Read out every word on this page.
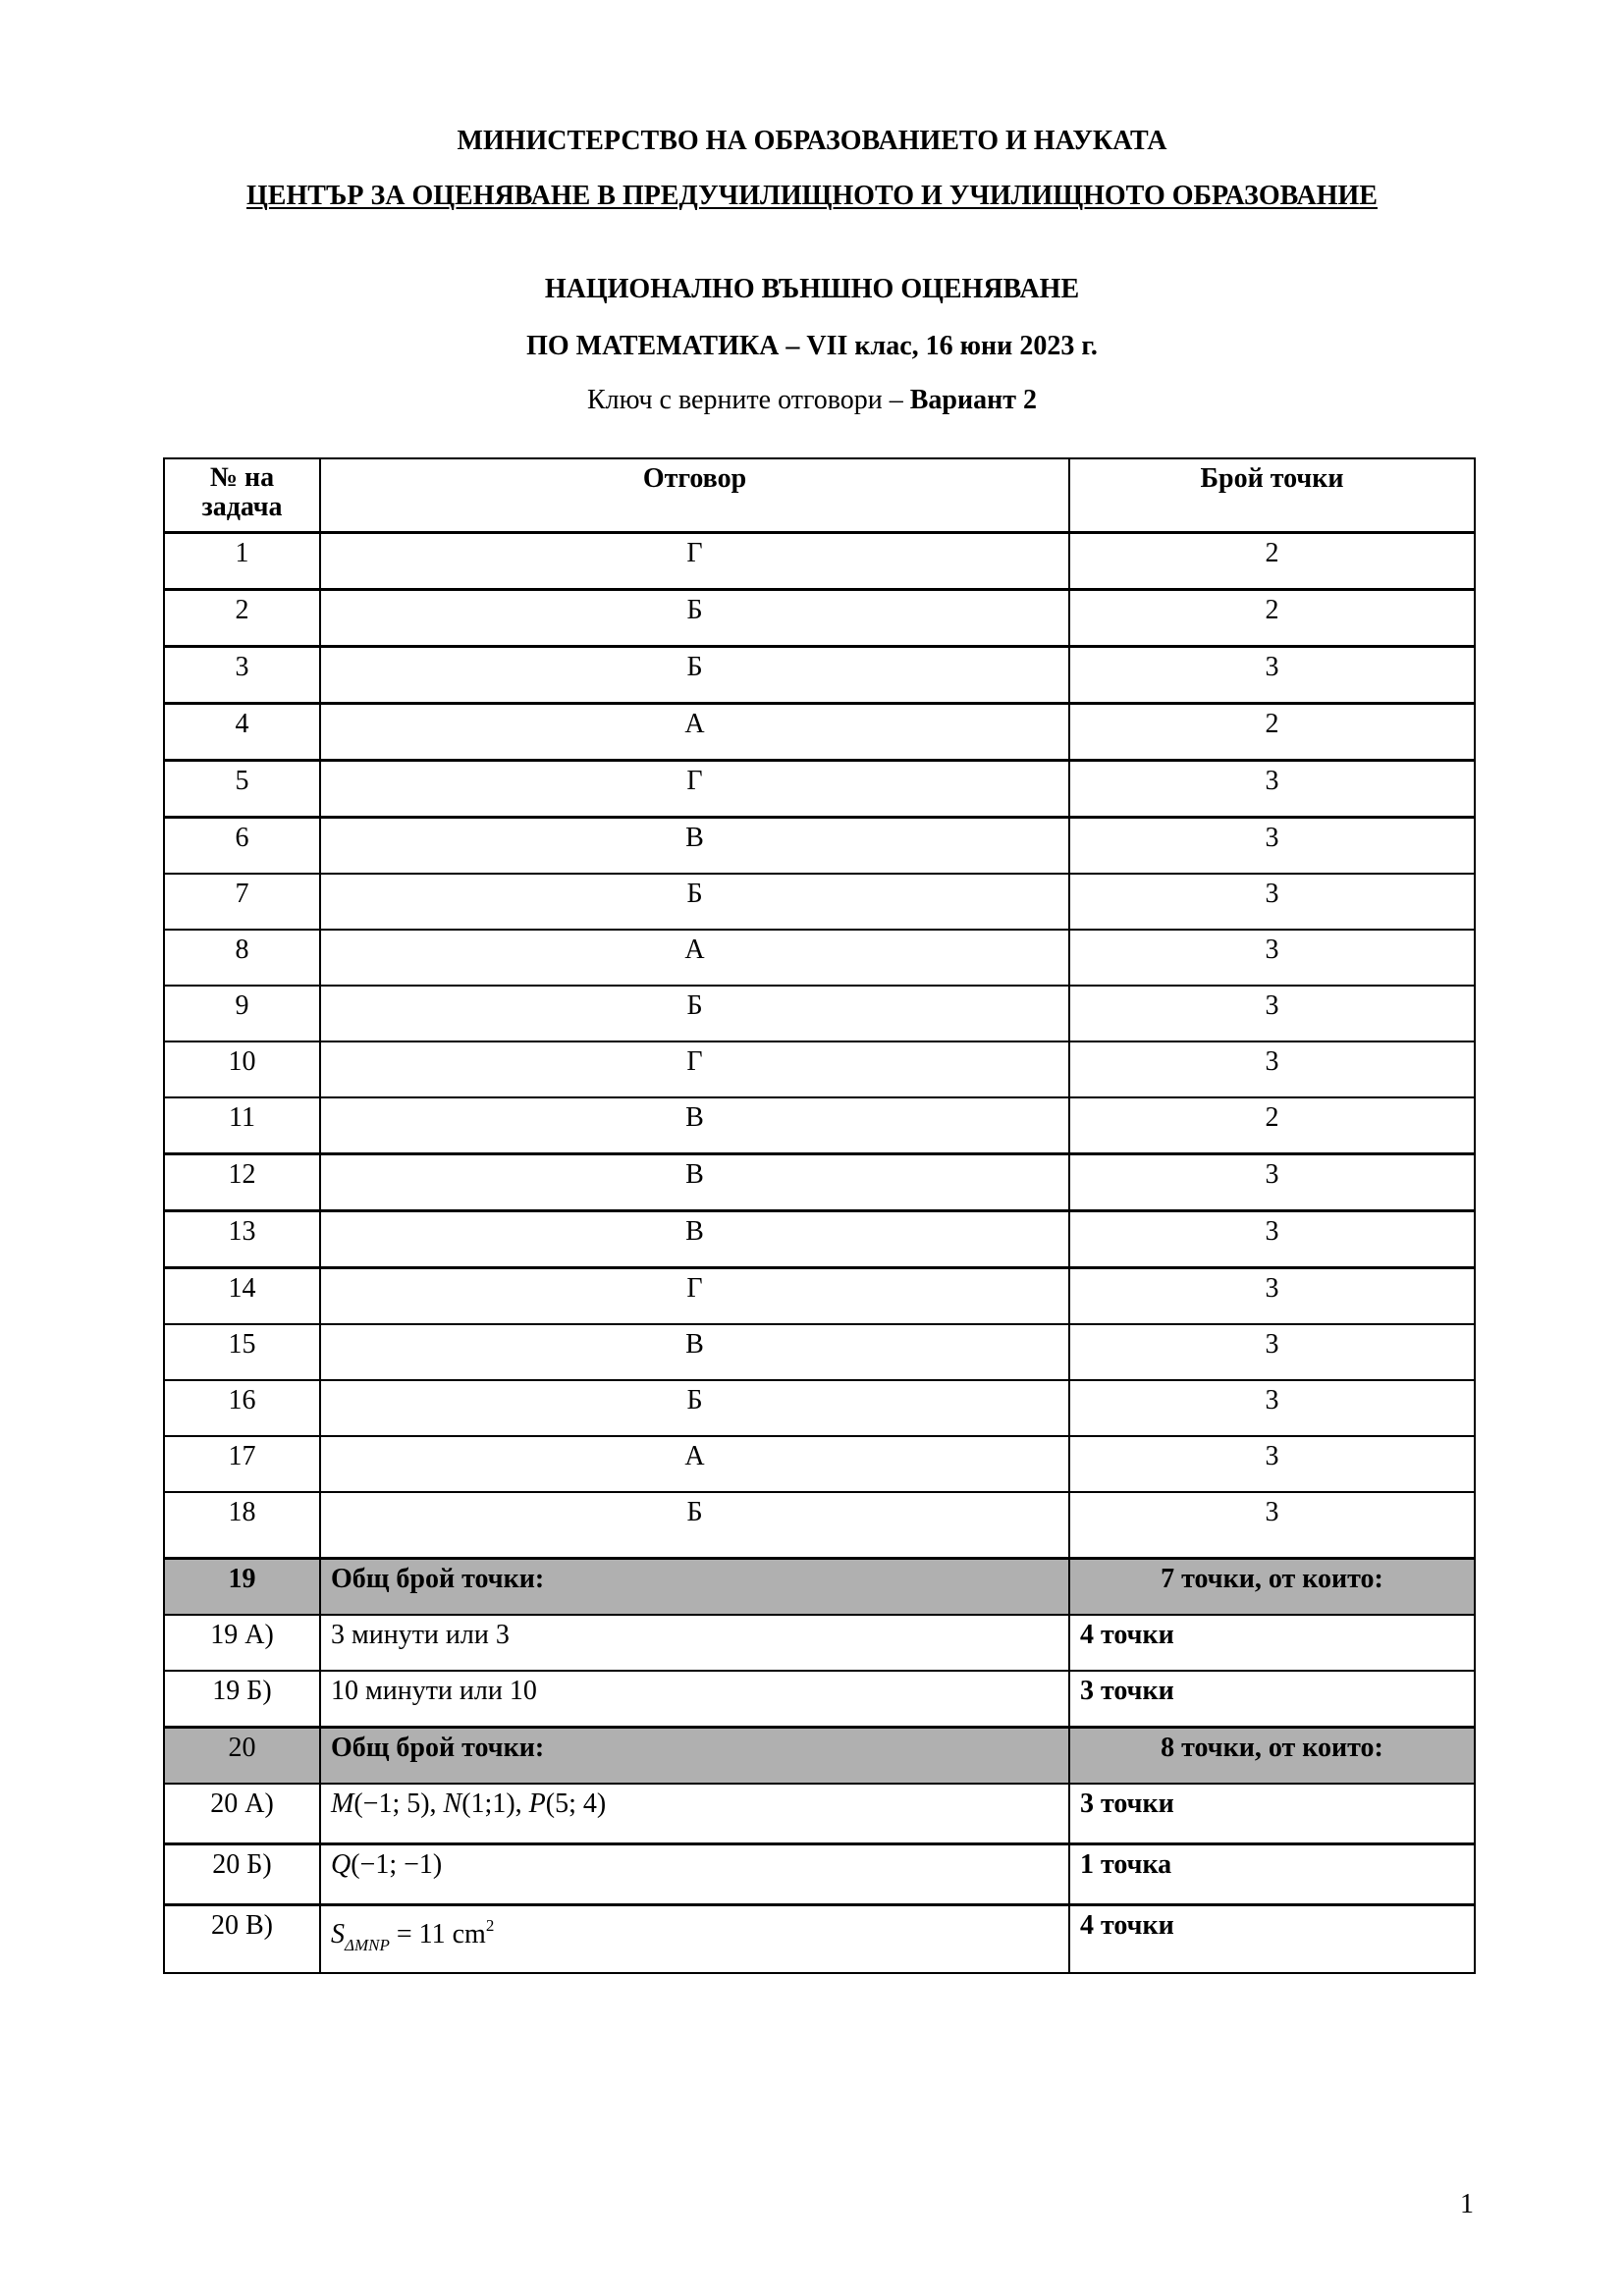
МИНИСТЕРСТВО НА ОБРАЗОВАНИЕТО И НАУКАТА
ЦЕНТЪР ЗА ОЦЕНЯВАНЕ В ПРЕДУЧИЛИЩНОТО И УЧИЛИЩНОТО ОБРАЗОВАНИЕ
НАЦИОНАЛНО ВЪНШНО ОЦЕНЯВАНЕ
ПО МАТЕМАТИКА – VII клас, 16 юни 2023 г.
Ключ с верните отговори – Вариант 2
№ на
задача	Отговор	Брой точки
1	Г	2
2	Б	2
3	Б	3
4	А	2
5	Г	3
6	В	3
7	Б	3
8	А	3
9	Б	3
10	Г	3
11	В	2
12	В	3
13	В	3
14	Г	3
15	В	3
16	Б	3
17	А	3
18	Б	3
19	Общ брой точки:	7 точки, от които:
19 А)	3 минути или 3	4 точки
19 Б)	10 минути или 10	3 точки
20	Общ брой точки:	8 точки, от които:
20 А)	M(−1; 5), N(1;1), P(5; 4)	3 точки
20 Б)	Q(−1; −1)	1 точка
20 В)	$S_{\Delta MNP} = 11$ $cm^2$	4 точки
1
